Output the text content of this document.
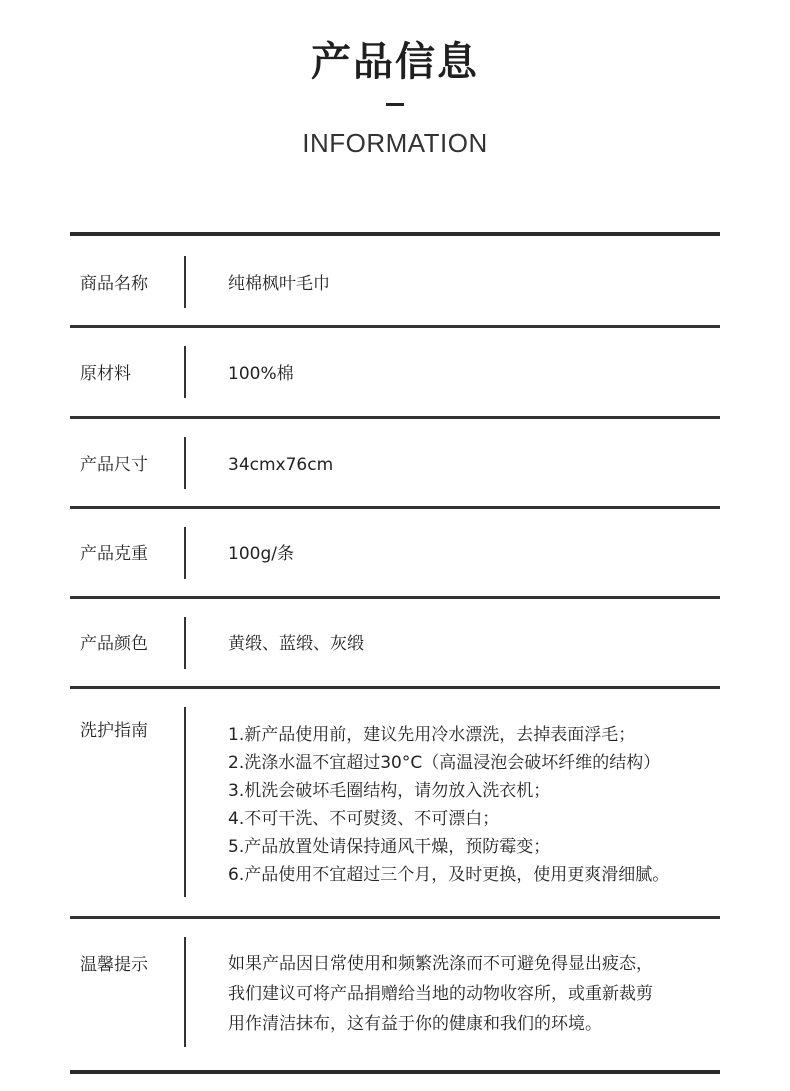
产品信息
INFORMATION
商品名称	纯棉枫叶毛巾
原材料	100%棉
产品尺寸	34cmx76cm
产品克重	100g/条
产品颜色	黄缎、蓝缎、灰缎
洗护指南	1.新产品使用前，建议先用冷水漂洗，去掉表面浮毛；
2.洗涤水温不宜超过30°C（高温浸泡会破坏纤维的结构）
3.机洗会破坏毛圈结构，请勿放入洗衣机；
4.不可干洗、不可熨烫、不可漂白；
5.产品放置处请保持通风干燥，预防霉变；
6.产品使用不宜超过三个月，及时更换，使用更爽滑细腻。
温馨提示	如果产品因日常使用和频繁洗涤而不可避免得显出疲态，
我们建议可将产品捐赠给当地的动物收容所，或重新裁剪
用作清洁抹布，这有益于你的健康和我们的环境。
